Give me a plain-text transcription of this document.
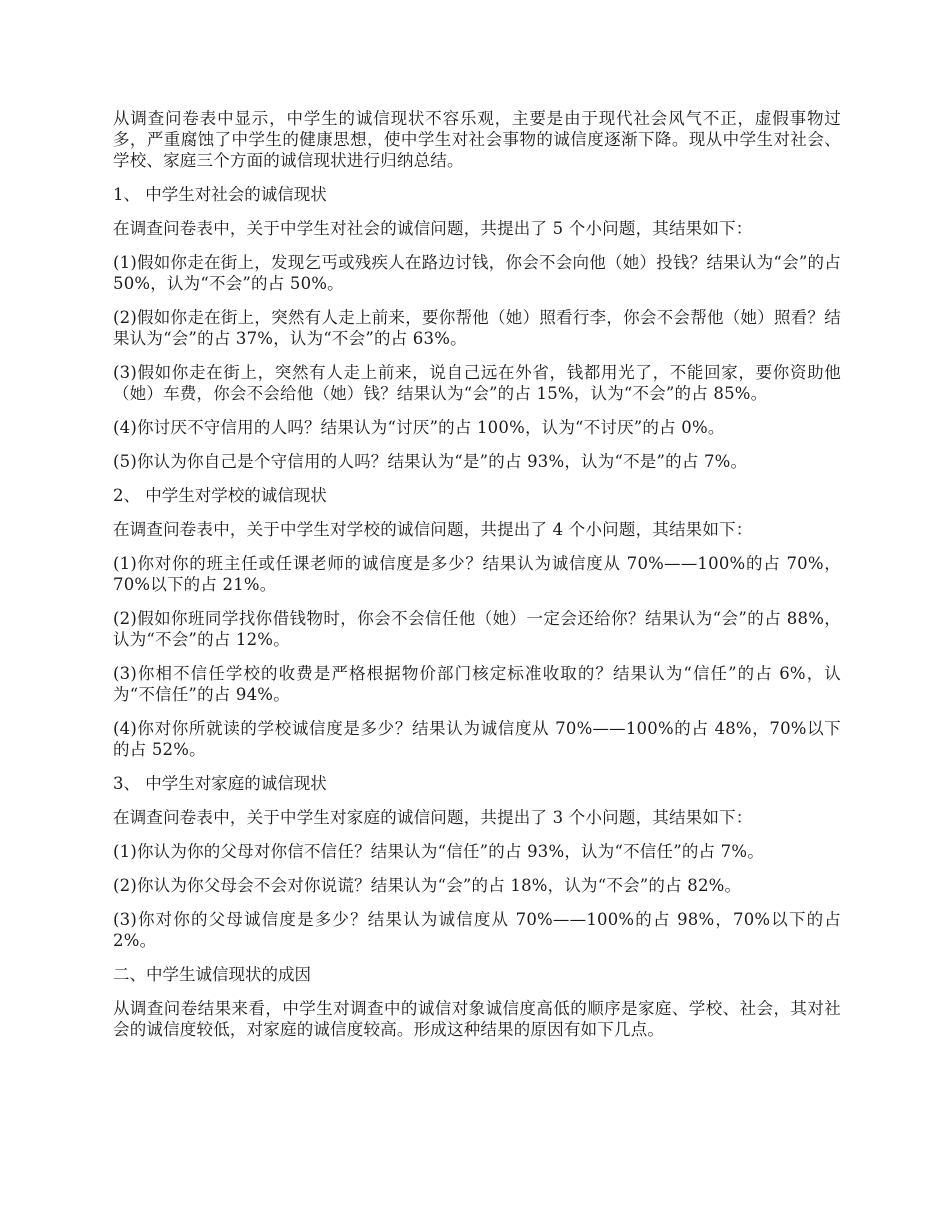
从调查问卷表中显示，中学生的诚信现状不容乐观，主要是由于现代社会风气不正，虚假事物过多，严重腐蚀了中学生的健康思想，使中学生对社会事物的诚信度逐渐下降。现从中学生对社会、学校、家庭三个方面的诚信现状进行归纳总结。

1、 中学生对社会的诚信现状

在调查问卷表中，关于中学生对社会的诚信问题，共提出了 5 个小问题，其结果如下：

(1)假如你走在街上，发现乞丐或残疾人在路边讨钱，你会不会向他（她）投钱？结果认为“会”的占 50%，认为“不会”的占 50%。

(2)假如你走在街上，突然有人走上前来，要你帮他（她）照看行李，你会不会帮他（她）照看？结果认为“会”的占 37%，认为“不会”的占 63%。

(3)假如你走在街上，突然有人走上前来，说自己远在外省，钱都用光了，不能回家，要你资助他（她）车费，你会不会给他（她）钱？结果认为“会”的占 15%，认为“不会”的占 85%。

(4)你讨厌不守信用的人吗？结果认为“讨厌”的占 100%，认为“不讨厌”的占 0%。

(5)你认为你自己是个守信用的人吗？结果认为“是”的占 93%，认为“不是”的占 7%。

2、 中学生对学校的诚信现状

在调查问卷表中，关于中学生对学校的诚信问题，共提出了 4 个小问题，其结果如下：

(1)你对你的班主任或任课老师的诚信度是多少？结果认为诚信度从 70%——100%的占 70%，70%以下的占 21%。

(2)假如你班同学找你借钱物时，你会不会信任他（她）一定会还给你？结果认为“会”的占 88%，认为“不会”的占 12%。

(3)你相不信任学校的收费是严格根据物价部门核定标准收取的？结果认为“信任”的占 6%，认为“不信任”的占 94%。

(4)你对你所就读的学校诚信度是多少？结果认为诚信度从 70%——100%的占 48%，70%以下的占 52%。

3、 中学生对家庭的诚信现状

在调查问卷表中，关于中学生对家庭的诚信问题，共提出了 3 个小问题，其结果如下：

(1)你认为你的父母对你信不信任？结果认为“信任”的占 93%，认为“不信任”的占 7%。

(2)你认为你父母会不会对你说谎？结果认为“会”的占 18%，认为“不会”的占 82%。

(3)你对你的父母诚信度是多少？结果认为诚信度从 70%——100%的占 98%，70%以下的占 2%。

二、中学生诚信现状的成因

从调查问卷结果来看，中学生对调查中的诚信对象诚信度高低的顺序是家庭、学校、社会，其对社会的诚信度较低，对家庭的诚信度较高。形成这种结果的原因有如下几点。
